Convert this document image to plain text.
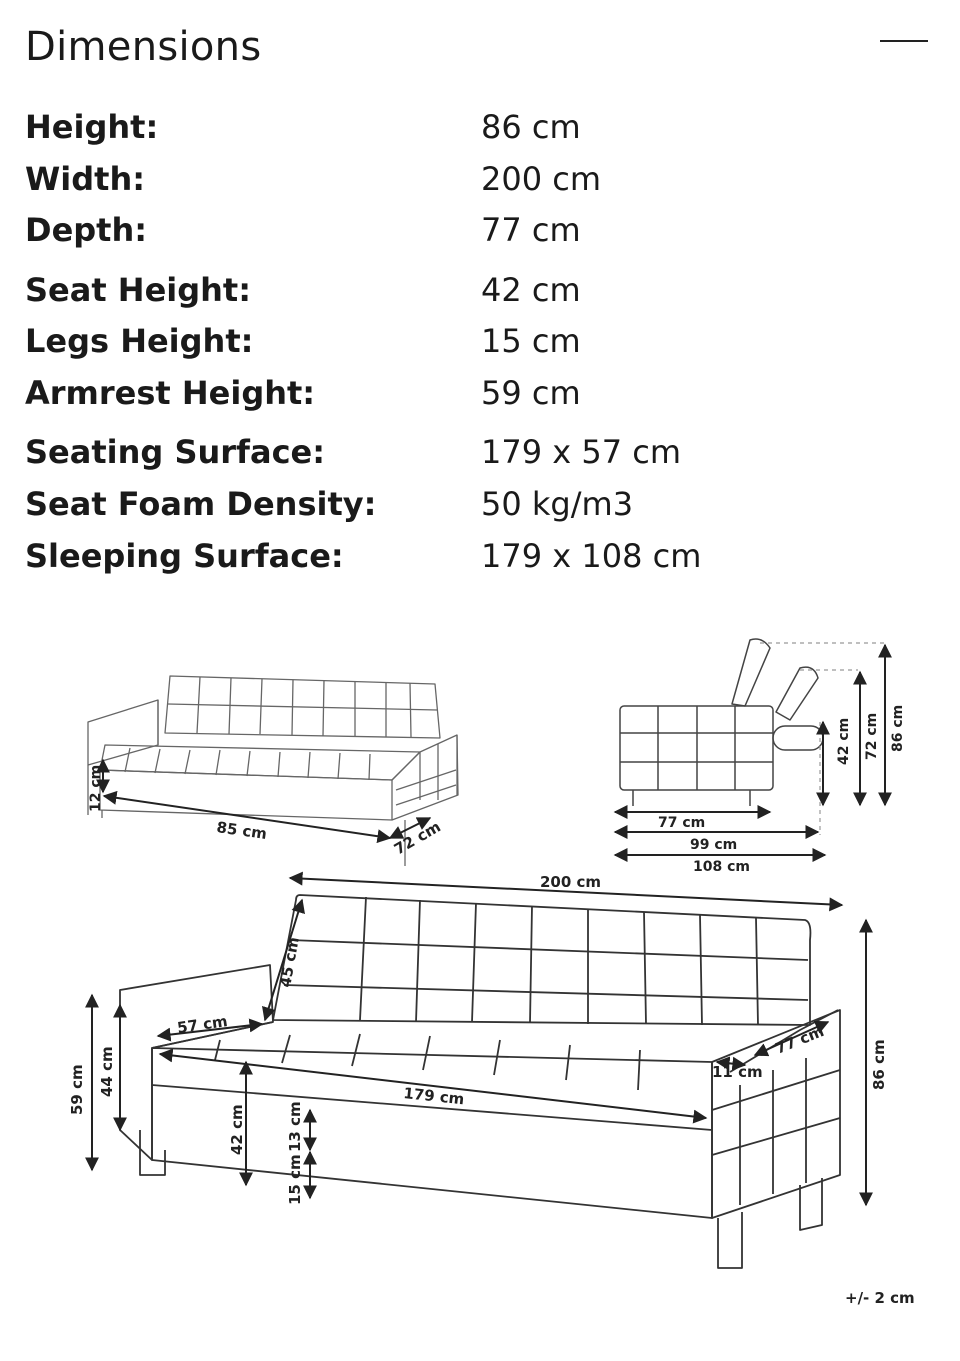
Dimensions
Height:	86 cm
Width:	200 cm
Depth:	77 cm
Seat Height:	42 cm
Legs Height:	15 cm
Armrest Height:	59 cm
Seating Surface:	179 x 57 cm
Seat Foam Density:	50 kg/m3
Sleeping Surface:	179 x 108 cm
85 cm	72 cm
12 cm
77 cm
99 cm
108 cm
42 cm 72 cm 86 cm
200 cm
45 cm
57 cm
179 cm
11 cm
77 cm	86 cm
59 cm 44 cm
42 cm	13 cm
15 cm
+/- 2 cm
